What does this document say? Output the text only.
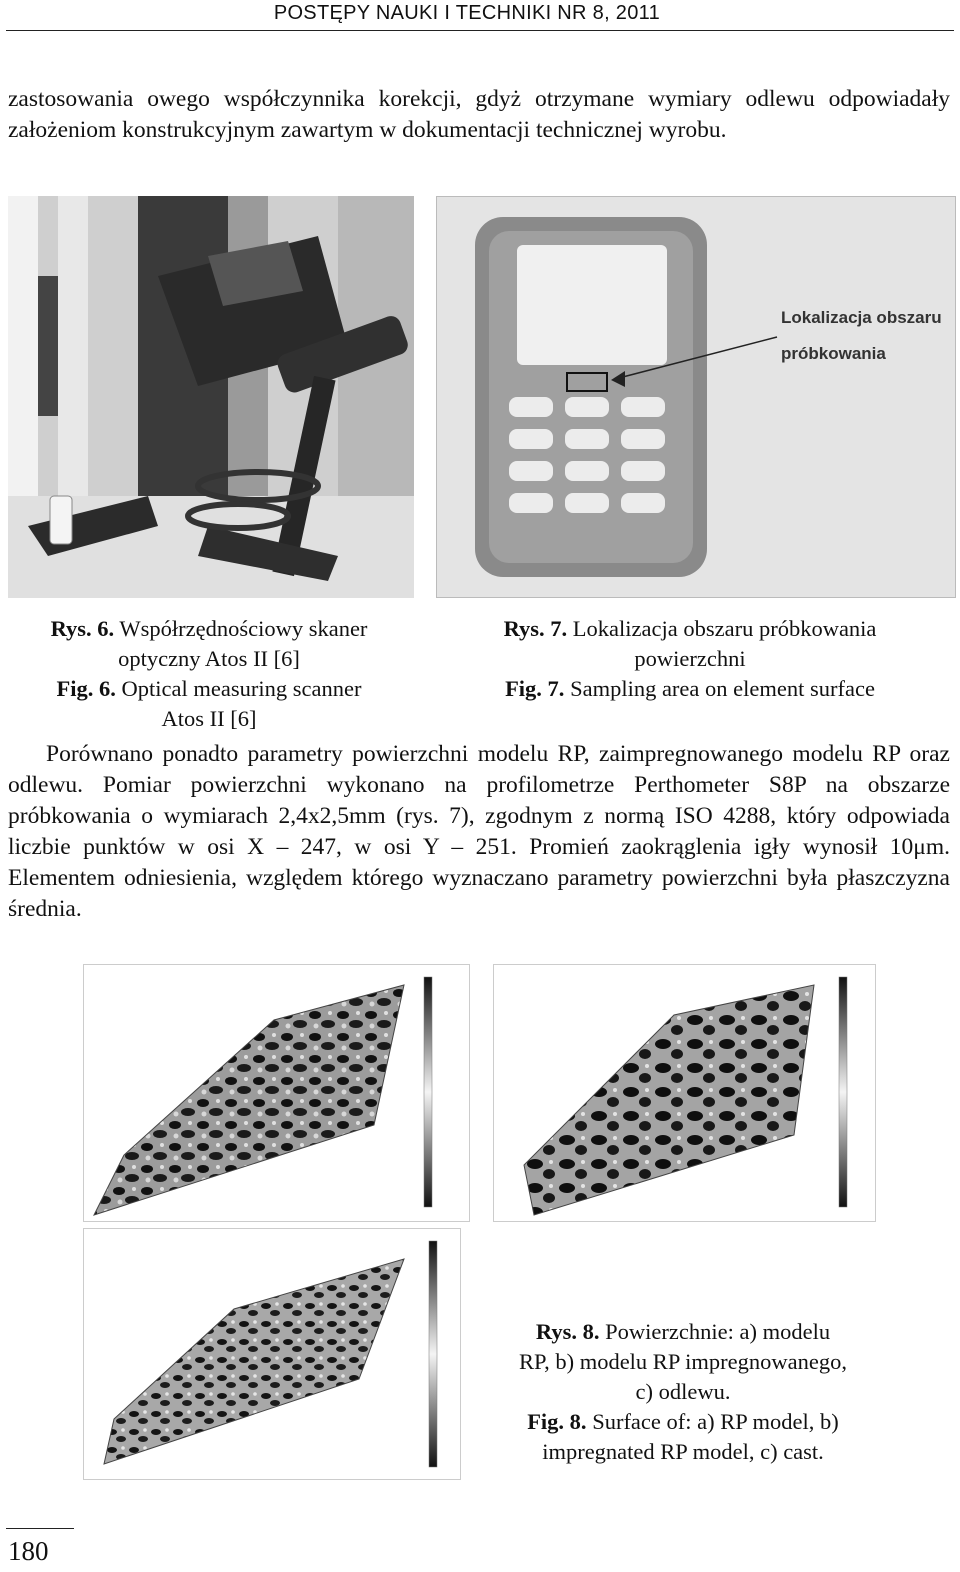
POSTĘPY NAUKI I TECHNIKI NR 8, 2011
zastosowania owego współczynnika korekcji, gdyż otrzymane wymiary odlewu odpowiadały założeniom konstrukcyjnym zawartym w dokumentacji technicznej wyrobu.
Lokalizacja obszaru
próbkowania
Rys. 6. Współrzędnościowy skaner
optyczny Atos II [6]
Fig. 6. Optical measuring scanner
Atos II [6]
Rys. 7. Lokalizacja obszaru próbkowania
powierzchni
Fig. 7. Sampling area on element surface
Porównano ponadto parametry powierzchni modelu RP, zaimpregnowanego modelu RP oraz odlewu. Pomiar powierzchni wykonano na profilometrze Perthometer S8P na obszarze próbkowania o wymiarach 2,4x2,5mm (rys. 7), zgodnym z normą ISO 4288, który odpowiada liczbie punktów w osi X – 247, w osi Y – 251. Promień zaokrąglenia igły wynosił 10μm. Elementem odniesienia, względem którego wyznaczano parametry powierzchni była płaszczyzna średnia.
Rys. 8. Powierzchnie: a) modelu
RP, b) modelu RP impregnowanego,
c) odlewu.
Fig. 8. Surface of: a) RP model, b)
impregnated RP model, c) cast.
180
